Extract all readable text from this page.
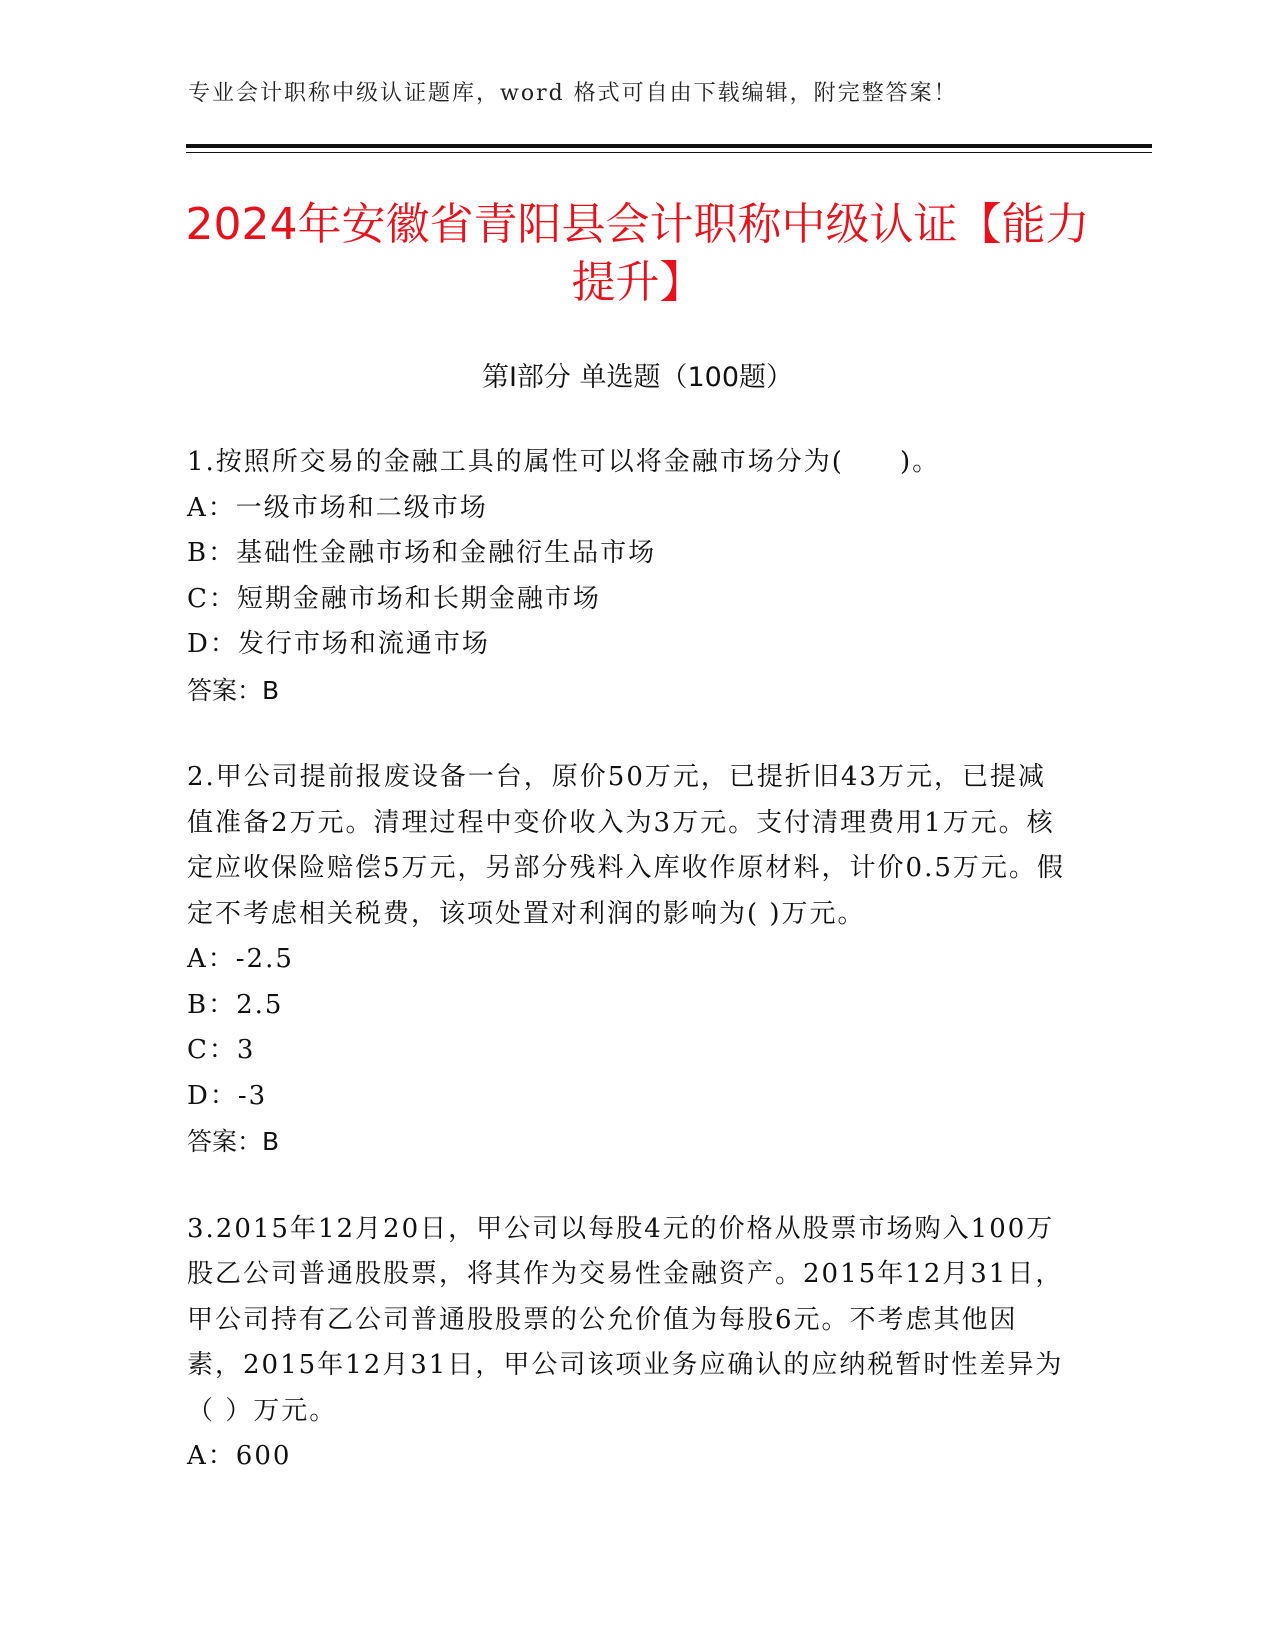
专业会计职称中级认证题库，word 格式可自由下载编辑，附完整答案！
2024年安徽省青阳县会计职称中级认证【能力提升】
第Ⅰ部分 单选题（100题）

1.按照所交易的金融工具的属性可以将金融市场分为(　　)。

A：一级市场和二级市场

B：基础性金融市场和金融衍生品市场

C：短期金融市场和长期金融市场

D：发行市场和流通市场

答案：B

2.甲公司提前报废设备一台，原价50万元，已提折旧43万元，已提减值准备2万元。清理过程中变价收入为3万元。支付清理费用1万元。核定应收保险赔偿5万元，另部分残料入库收作原材料，计价0.5万元。假定不考虑相关税费，该项处置对利润的影响为( )万元。

A：-2.5

B：2.5

C：3

D：-3

答案：B

3.2015年12月20日，甲公司以每股4元的价格从股票市场购入100万股乙公司普通股股票，将其作为交易性金融资产。2015年12月31日，甲公司持有乙公司普通股股票的公允价值为每股6元。不考虑其他因素，2015年12月31日，甲公司该项业务应确认的应纳税暂时性差异为（ ）万元。

A：600
